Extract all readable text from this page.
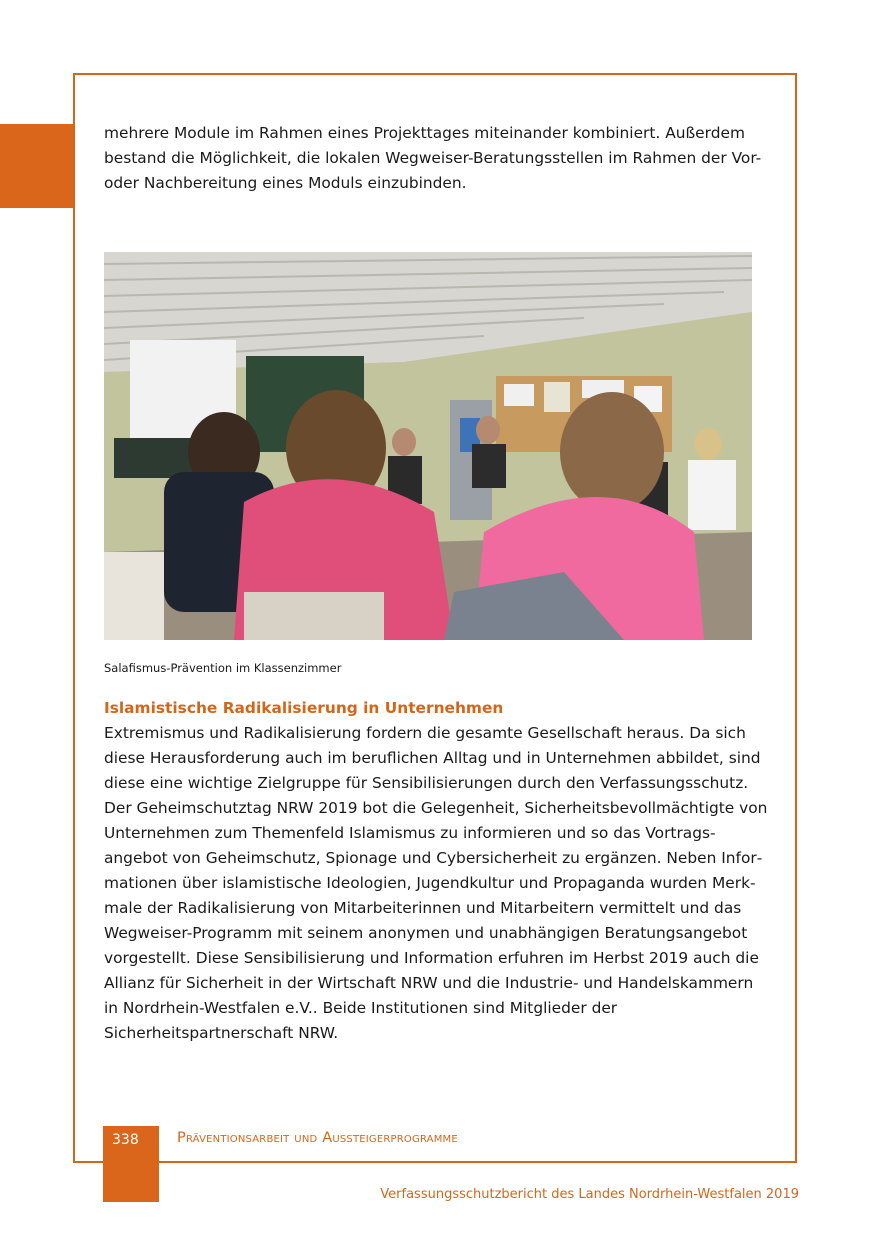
mehrere Module im Rahmen eines Projekttages miteinander kombiniert. Außerdem bestand die Möglichkeit, die lokalen Wegweiser-Beratungsstellen im Rahmen der Vor- oder Nachbereitung eines Moduls einzubinden.

Salafismus-Prävention im Klassenzimmer
Islamistische Radikalisierung in Unternehmen

Extremismus und Radikalisierung fordern die gesamte Gesellschaft heraus. Da sich diese Herausforderung auch im beruflichen Alltag und in Unternehmen abbildet, sind diese eine wichtige Zielgruppe für Sensibilisierungen durch den Verfassungsschutz. Der Geheimschutztag NRW 2019 bot die Gelegenheit, Sicherheitsbevollmächtigte von Unternehmen zum Themenfeld Islamismus zu informieren und so das Vortragsangebot von Geheimschutz, Spionage und Cybersicherheit zu ergänzen. Neben Informationen über islamistische Ideologien, Jugendkultur und Propaganda wurden Merkmale der Radikalisierung von Mitarbeiterinnen und Mitarbeitern vermittelt und das Wegweiser-Programm mit seinem anonymen und unabhängigen Beratungsangebot vorgestellt. Diese Sensibilisierung und Information erfuhren im Herbst 2019 auch die Allianz für Sicherheit in der Wirtschaft NRW und die Industrie- und Handelskammern in Nordrhein-Westfalen e.V.. Beide Institutionen sind Mitglieder der Sicherheitspartnerschaft NRW.

338	Präventionsarbeit und Aussteigerprogramme
Verfassungsschutzbericht des Landes Nordrhein-Westfalen 2019
